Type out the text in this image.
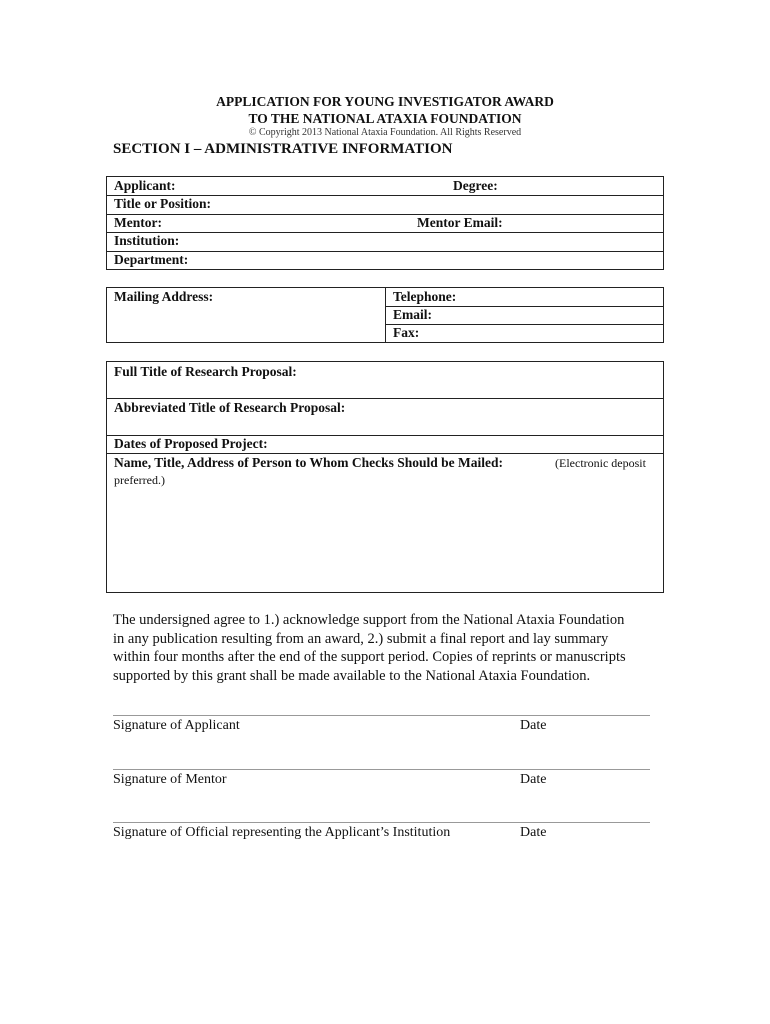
APPLICATION FOR YOUNG INVESTIGATOR AWARD
TO THE NATIONAL ATAXIA FOUNDATION
© Copyright 2013 National Ataxia Foundation. All Rights Reserved
SECTION I – ADMINISTRATIVE INFORMATION
Applicant:	Degree:
Title or Position:
Mentor:	Mentor Email:
Institution:
Department:
Mailing Address:	Telephone:
Email:
Fax:
Full Title of Research Proposal:
Abbreviated Title of Research Proposal:
Dates of Proposed Project:
Name, Title, Address of Person to Whom Checks Should be Mailed:	(Electronic deposit
preferred.)
The undersigned agree to 1.) acknowledge support from the National Ataxia Foundation
in any publication resulting from an award, 2.) submit a final report and lay summary
within four months after the end of the support period. Copies of reprints or manuscripts
supported by this grant shall be made available to the National Ataxia Foundation.
Signature of Applicant	Date
Signature of Mentor	Date
Signature of Official representing the Applicant’s Institution	Date
